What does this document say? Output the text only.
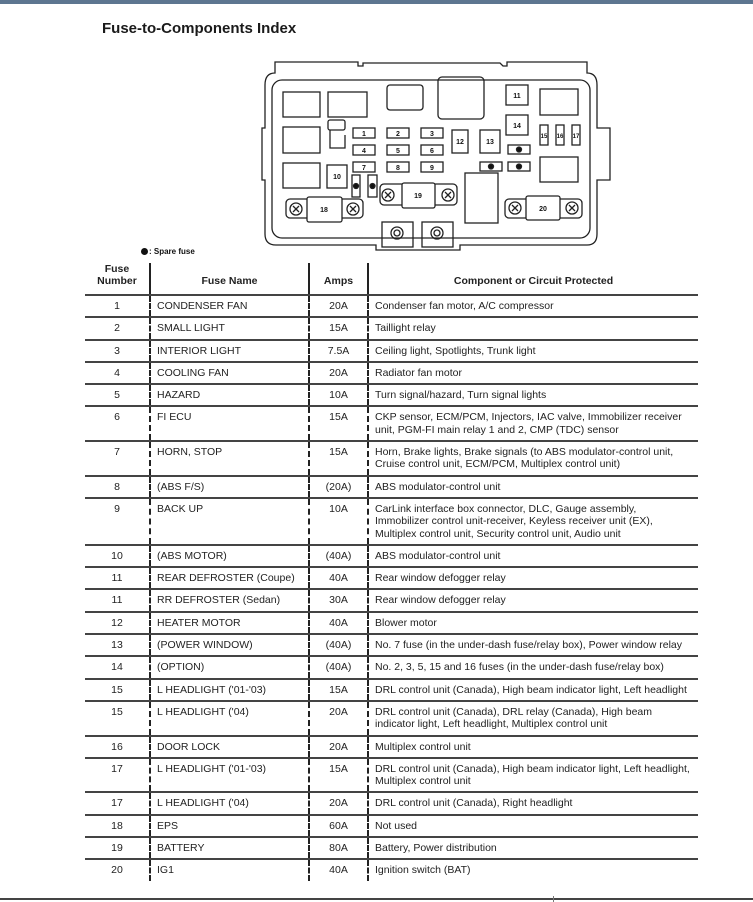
Fuse-to-Components Index
1	2	3
4	5	6
7	8	9
10
11
12	13
14
15 16 17
19
18	20
: Spare fuse
Fuse Number	Fuse Name	Amps	Component or Circuit Protected
1	CONDENSER FAN	20A	Condenser fan motor, A/C compressor
2	SMALL LIGHT	15A	Taillight relay
3	INTERIOR LIGHT	7.5A	Ceiling light, Spotlights, Trunk light
4	COOLING FAN	20A	Radiator fan motor
5	HAZARD	10A	Turn signal/hazard, Turn signal lights
6	FI ECU	15A	CKP sensor, ECM/PCM, Injectors, IAC valve, Immobilizer receiver unit, PGM-FI main relay 1 and 2, CMP (TDC) sensor
7	HORN, STOP	15A	Horn, Brake lights, Brake signals (to ABS modulator-control unit, Cruise control unit, ECM/PCM, Multiplex control unit)
8	(ABS F/S)	(20A)	ABS modulator-control unit
9	BACK UP	10A	CarLink interface box connector, DLC, Gauge assembly, Immobilizer control unit-receiver, Keyless receiver unit (EX), Multiplex control unit, Security control unit, Audio unit
10	(ABS MOTOR)	(40A)	ABS modulator-control unit
11	REAR DEFROSTER (Coupe)	40A	Rear window defogger relay
11	RR DEFROSTER (Sedan)	30A	Rear window defogger relay
12	HEATER MOTOR	40A	Blower motor
13	(POWER WINDOW)	(40A)	No. 7 fuse (in the under-dash fuse/relay box), Power window relay
14	(OPTION)	(40A)	No. 2, 3, 5, 15 and 16 fuses (in the under-dash fuse/relay box)
15	L HEADLIGHT ('01-'03)	15A	DRL control unit (Canada), High beam indicator light, Left headlight
15	L HEADLIGHT ('04)	20A	DRL control unit (Canada), DRL relay (Canada), High beam indicator light, Left headlight, Multiplex control unit
16	DOOR LOCK	20A	Multiplex control unit
17	L HEADLIGHT ('01-'03)	15A	DRL control unit (Canada), High beam indicator light, Left headlight, Multiplex control unit
17	L HEADLIGHT ('04)	20A	DRL control unit (Canada), Right headlight
18	EPS	60A	Not used
19	BATTERY	80A	Battery, Power distribution
20	IG1	40A	Ignition switch (BAT)
